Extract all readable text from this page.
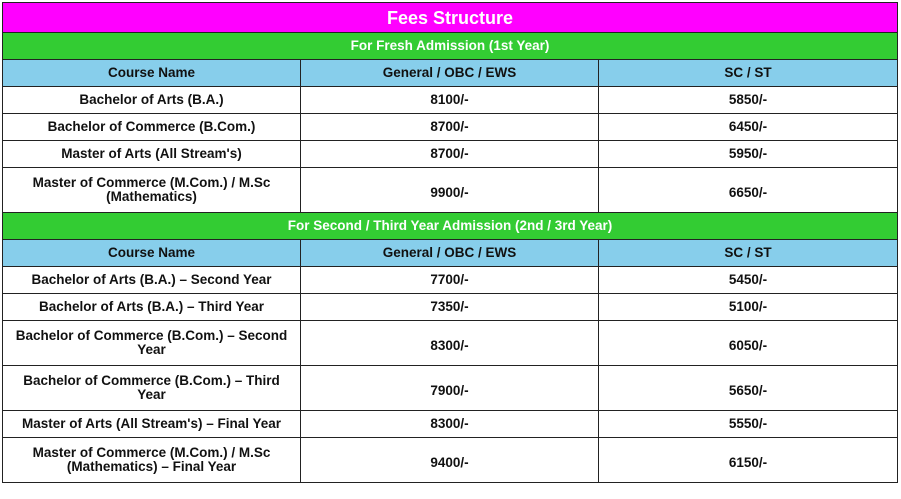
Fees Structure		
For Fresh Admission (1st Year)		
Course Name	General / OBC / EWS	SC / ST
Bachelor of Arts (B.A.)	8100/-	5850/-
Bachelor of Commerce (B.Com.)	8700/-	6450/-
Master of Arts (All Stream's)	8700/-	5950/-
Master of Commerce (M.Com.) / M.Sc (Mathematics)	9900/-	6650/-
For Second / Third Year Admission (2nd / 3rd Year)		
Course Name	General / OBC / EWS	SC / ST
Bachelor of Arts (B.A.) – Second Year	7700/-	5450/-
Bachelor of Arts (B.A.) – Third Year	7350/-	5100/-
Bachelor of Commerce (B.Com.) – Second Year	8300/-	6050/-
Bachelor of Commerce (B.Com.) – Third Year	7900/-	5650/-
Master of Arts (All Stream's) – Final Year	8300/-	5550/-
Master of Commerce (M.Com.) / M.Sc (Mathematics) – Final Year	9400/-	6150/-
